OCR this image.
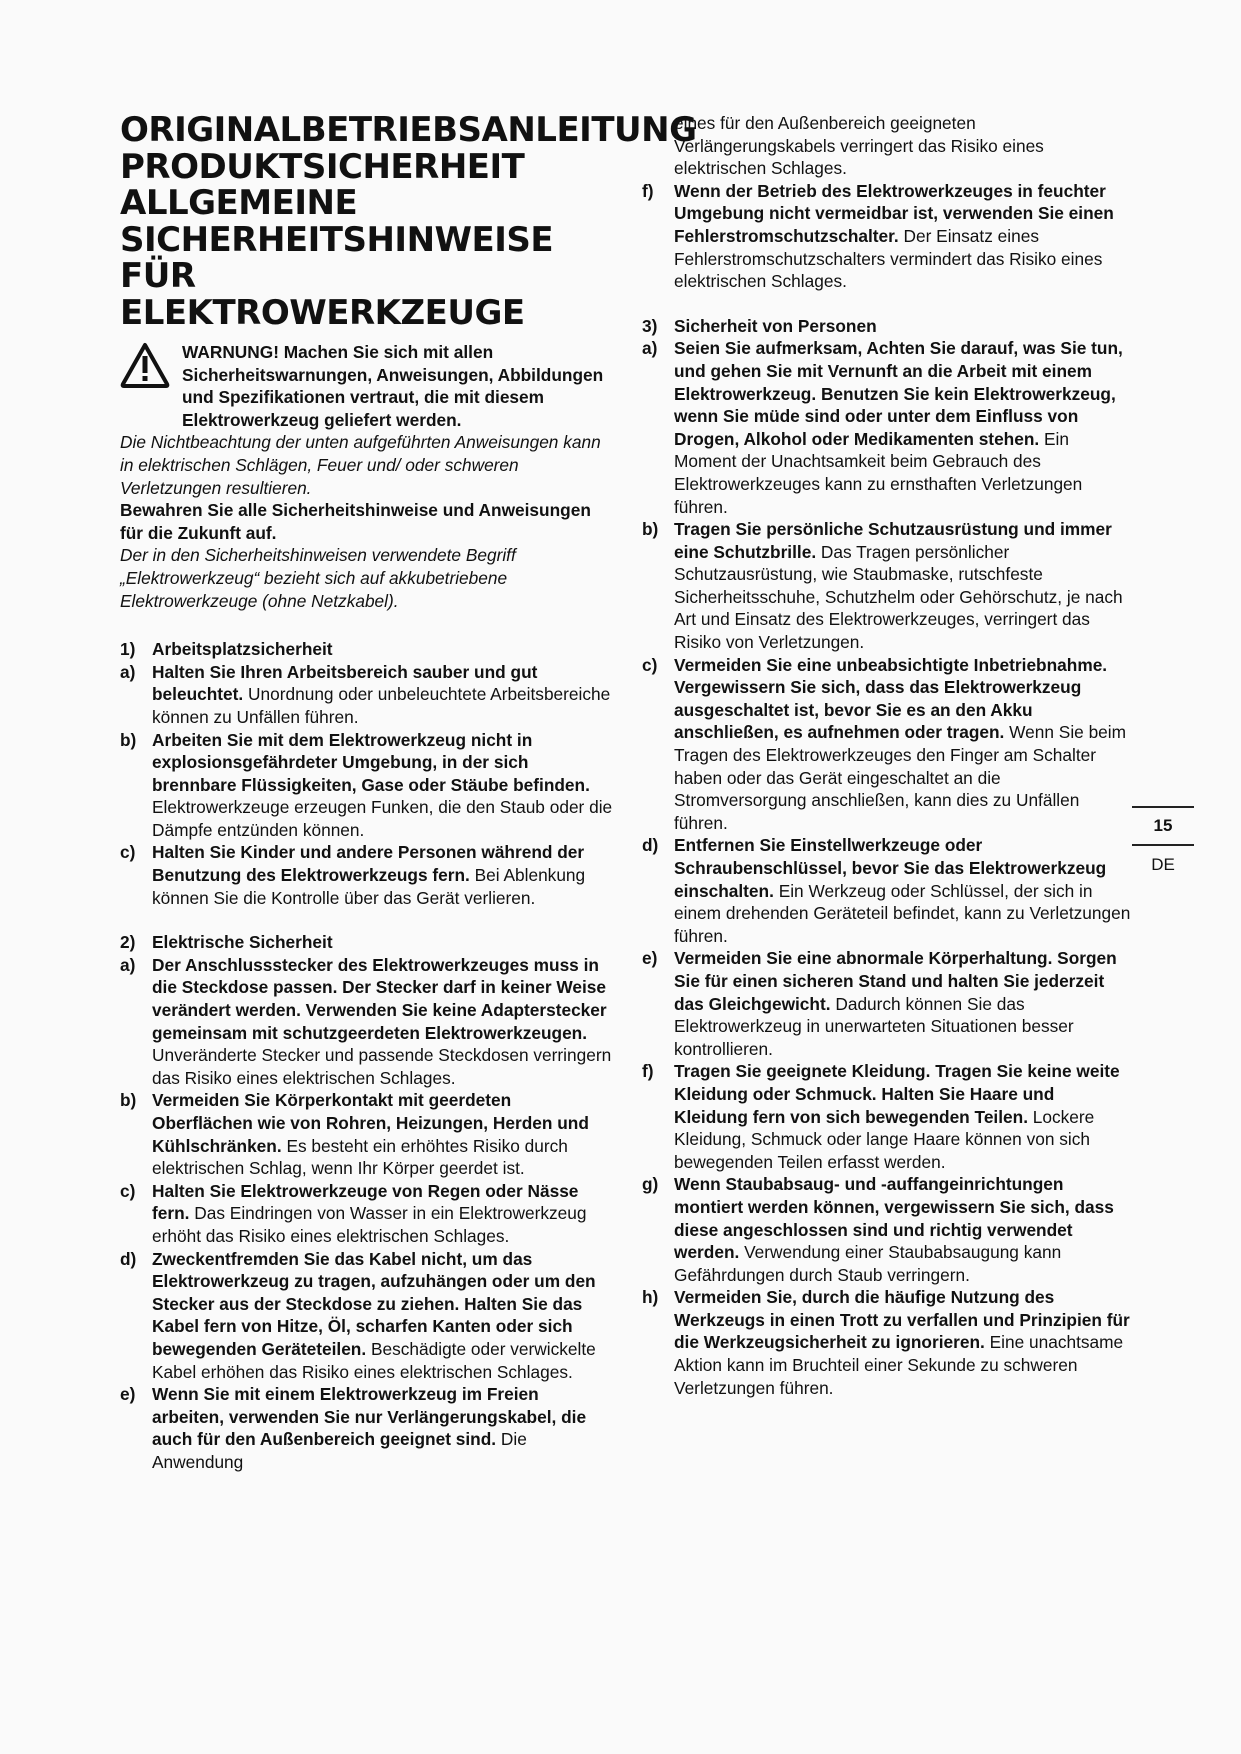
ORIGINALBETRIEBSANLEITUNG
PRODUKTSICHERHEIT
ALLGEMEINE
SICHERHEITSHINWEISE
FÜR
ELEKTROWERKZEUGE
WARNUNG! Machen Sie sich mit allen Sicherheitswarnungen, Anweisungen, Abbildungen und Spezifikationen vertraut, die mit diesem Elektrowerkzeug geliefert werden.
Die Nichtbeachtung der unten aufgeführten Anweisungen kann in elektrischen Schlägen, Feuer und/ oder schweren Verletzungen resultieren.
Bewahren Sie alle Sicherheitshinweise und Anweisungen für die Zukunft auf.
Der in den Sicherheitshinweisen verwendete Begriff „Elektrowerkzeug“ bezieht sich auf akkubetriebene Elektrowerkzeuge (ohne Netzkabel).
1) Arbeitsplatzsicherheit
a) Halten Sie Ihren Arbeitsbereich sauber und gut beleuchtet. Unordnung oder unbeleuchtete Arbeitsbereiche können zu Unfällen führen.
b) Arbeiten Sie mit dem Elektrowerkzeug nicht in explosionsgefährdeter Umgebung, in der sich brennbare Flüssigkeiten, Gase oder Stäube befinden. Elektrowerkzeuge erzeugen Funken, die den Staub oder die Dämpfe entzünden können.
c) Halten Sie Kinder und andere Personen während der Benutzung des Elektrowerkzeugs fern. Bei Ablenkung können Sie die Kontrolle über das Gerät verlieren.
2) Elektrische Sicherheit
a) Der Anschlussstecker des Elektrowerkzeuges muss in die Steckdose passen. Der Stecker darf in keiner Weise verändert werden. Verwenden Sie keine Adapterstecker gemeinsam mit schutzgeerdeten Elektrowerkzeugen. Unveränderte Stecker und passende Steckdosen verringern das Risiko eines elektrischen Schlages.
b) Vermeiden Sie Körperkontakt mit geerdeten Oberflächen wie von Rohren, Heizungen, Herden und Kühlschränken. Es besteht ein erhöhtes Risiko durch elektrischen Schlag, wenn Ihr Körper geerdet ist.
c) Halten Sie Elektrowerkzeuge von Regen oder Nässe fern. Das Eindringen von Wasser in ein Elektrowerkzeug erhöht das Risiko eines elektrischen Schlages.
d) Zweckentfremden Sie das Kabel nicht, um das Elektrowerkzeug zu tragen, aufzuhängen oder um den Stecker aus der Steckdose zu ziehen. Halten Sie das Kabel fern von Hitze, Öl, scharfen Kanten oder sich bewegenden Geräteteilen. Beschädigte oder verwickelte Kabel erhöhen das Risiko eines elektrischen Schlages.
e) Wenn Sie mit einem Elektrowerkzeug im Freien arbeiten, verwenden Sie nur Verlängerungskabel, die auch für den Außenbereich geeignet sind. Die Anwendung
eines für den Außenbereich geeigneten Verlängerungskabels verringert das Risiko eines elektrischen Schlages.
f)	Wenn der Betrieb des Elektrowerkzeuges in feuchter Umgebung nicht vermeidbar ist, verwenden Sie einen Fehlerstromschutzschalter. Der Einsatz eines Fehlerstromschutzschalters vermindert das Risiko eines elektrischen Schlages.
3) Sicherheit von Personen
a) Seien Sie aufmerksam, Achten Sie darauf, was Sie tun, und gehen Sie mit Vernunft an die Arbeit mit einem Elektrowerkzeug. Benutzen Sie kein Elektrowerkzeug, wenn Sie müde sind oder unter dem Einfluss von Drogen, Alkohol oder Medikamenten stehen. Ein Moment der Unachtsamkeit beim Gebrauch des Elektrowerkzeuges kann zu ernsthaften Verletzungen führen.
b) Tragen Sie persönliche Schutzausrüstung und immer eine Schutzbrille. Das Tragen persönlicher Schutzausrüstung, wie Staubmaske, rutschfeste Sicherheitsschuhe, Schutzhelm oder Gehörschutz, je nach Art und Einsatz des Elektrowerkzeuges, verringert das Risiko von Verletzungen.
c) Vermeiden Sie eine unbeabsichtigte Inbetriebnahme. Vergewissern Sie sich, dass das Elektrowerkzeug ausgeschaltet ist, bevor Sie es an den Akku anschließen, es aufnehmen oder tragen. Wenn Sie beim Tragen des Elektrowerkzeuges den Finger am Schalter haben oder das Gerät eingeschaltet an die Stromversorgung anschließen, kann dies zu Unfällen führen.
d) Entfernen Sie Einstellwerkzeuge oder Schraubenschlüssel, bevor Sie das Elektrowerkzeug einschalten. Ein Werkzeug oder Schlüssel, der sich in einem drehenden Geräteteil befindet, kann zu Verletzungen führen.
e) Vermeiden Sie eine abnormale Körperhaltung. Sorgen Sie für einen sicheren Stand und halten Sie jederzeit das Gleichgewicht. Dadurch können Sie das Elektrowerkzeug in unerwarteten Situationen besser kontrollieren.
f)	Tragen Sie geeignete Kleidung. Tragen Sie keine weite Kleidung oder Schmuck. Halten Sie Haare und Kleidung fern von sich bewegenden Teilen. Lockere Kleidung, Schmuck oder lange Haare können von sich bewegenden Teilen erfasst werden.
g) Wenn Staubabsaug- und -auffangeinrichtungen montiert werden können, vergewissern Sie sich, dass diese angeschlossen sind und richtig verwendet werden. Verwendung einer Staubabsaugung kann Gefährdungen durch Staub verringern.
h) Vermeiden Sie, durch die häufige Nutzung des Werkzeugs in einen Trott zu verfallen und Prinzipien für die Werkzeugsicherheit zu ignorieren. Eine unachtsame Aktion kann im Bruchteil einer Sekunde zu schweren Verletzungen führen.
15
DE
